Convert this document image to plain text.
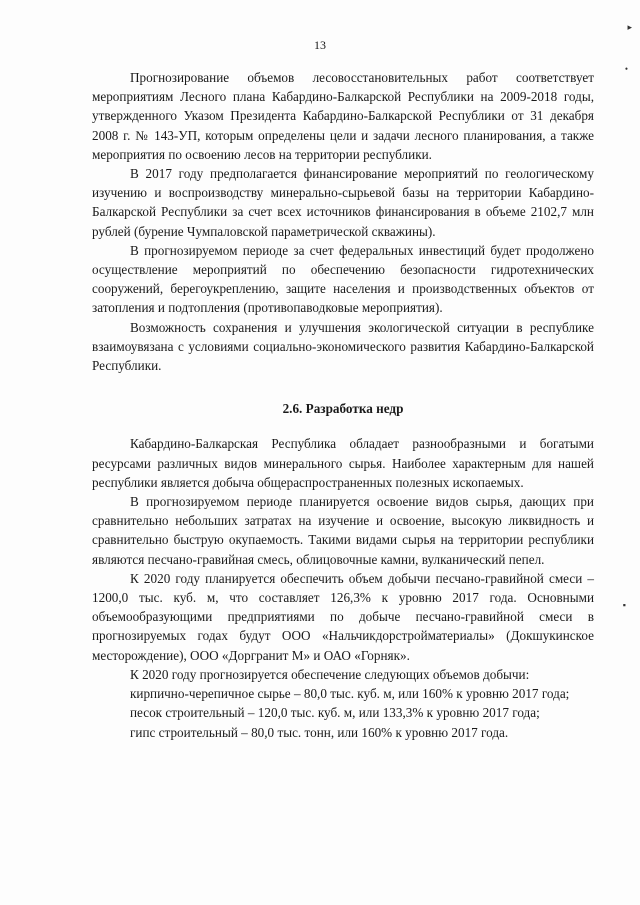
▸
•
▪
13

Прогнозирование объемов лесовосстановительных работ соответствует мероприятиям Лесного плана Кабардино-Балкарской Республики на 2009-2018 годы, утвержденного Указом Президента Кабардино-Балкарской Республики от 31 декабря 2008 г. № 143-УП, которым определены цели и задачи лесного планирования, а также мероприятия по освоению лесов на территории республики.

В 2017 году предполагается финансирование мероприятий по геологическому изучению и воспроизводству минерально-сырьевой базы на территории Кабардино-Балкарской Республики за счет всех источников финансирования в объеме 2102,7 млн рублей (бурение Чумпаловской параметрической скважины).

В прогнозируемом периоде за счет федеральных инвестиций будет продолжено осуществление мероприятий по обеспечению безопасности гидротехнических сооружений, берегоукреплению, защите населения и производственных объектов от затопления и подтопления (противопаводковые мероприятия).

Возможность сохранения и улучшения экологической ситуации в республике взаимоувязана с условиями социально-экономического развития Кабардино-Балкарской Республики.

2.6. Разработка недр

Кабардино-Балкарская Республика обладает разнообразными и богатыми ресурсами различных видов минерального сырья. Наиболее характерным для нашей республики является добыча общераспространенных полезных ископаемых.

В прогнозируемом периоде планируется освоение видов сырья, дающих при сравнительно небольших затратах на изучение и освоение, высокую ликвидность и сравнительно быструю окупаемость. Такими видами сырья на территории республики являются песчано-гравийная смесь, облицовочные камни, вулканический пепел.

К 2020 году планируется обеспечить объем добычи песчано-гравийной смеси – 1200,0 тыс. куб. м, что составляет 126,3% к уровню 2017 года. Основными объемообразующими предприятиями по добыче песчано-гравийной смеси в прогнозируемых годах будут ООО «Нальчикдорстройматериалы» (Докшукинское месторождение), ООО «Доргранит М» и ОАО «Горняк».

К 2020 году прогнозируется обеспечение следующих объемов добычи:

кирпично-черепичное сырье – 80,0 тыс. куб. м, или 160% к уровню 2017 года;

песок строительный – 120,0 тыс. куб. м, или 133,3% к уровню 2017 года;

гипс строительный – 80,0 тыс. тонн, или 160% к уровню 2017 года.
